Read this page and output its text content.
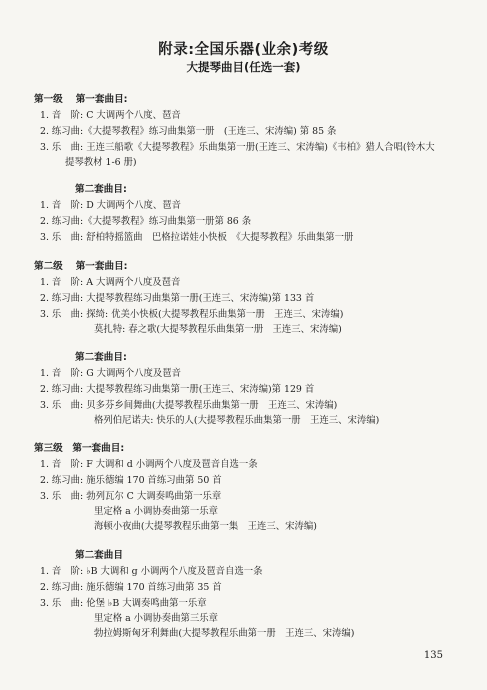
附录:全国乐器(业余)考级
大提琴曲目(任选一套)
第一级　 第一套曲目:
1. 音　阶: C 大调两个八度、琶音
2. 练习曲:《大提琴教程》练习曲集第一册　(王连三、宋涛编) 第 85 条
3. 乐　曲: 王连三船歌《大提琴教程》乐曲集第一册(王连三、宋涛编)《韦柏》猎人合唱(铃木大
提琴教材 1-6 册)
第二套曲目:
1. 音　阶: D 大调两个八度、琶音
2. 练习曲:《大提琴教程》练习曲集第一册第 86 条
3. 乐　曲: 舒柏特摇篮曲　巴格拉诺娃小快板　《大提琴教程》乐曲集第一册
第二级　 第一套曲目:
1. 音　阶: A 大调两个八度及琶音
2. 练习曲: 大提琴教程练习曲集第一册(王连三、宋涛编)第 133 首
3. 乐　曲: 探绮: 优美小快板(大提琴教程乐曲集第一册　王连三、宋涛编)
莫扎特: 春之歌(大提琴教程乐曲集第一册　王连三、宋涛编)
第二套曲目:
1. 音　阶: G 大调两个八度及琶音
2. 练习曲: 大提琴教程练习曲集第一册(王连三、宋涛编)第 129 首
3. 乐　曲: 贝多芬乡间舞曲(大提琴教程乐曲集第一册　王连三、宋涛编)
格列伯尼诺夫: 快乐的人(大提琴教程乐曲集第一册　王连三、宋涛编)
第三级　第一套曲目:
1. 音　阶: F 大调和 d 小调两个八度及琶音自选一条
2. 练习曲: 施乐德编 170 首练习曲第 50 首
3. 乐　曲: 勃列瓦尔 C 大调奏鸣曲第一乐章
里定格 a 小调协奏曲第一乐章
海顿小夜曲(大提琴教程乐曲第一集　王连三、宋涛编)
第二套曲目
1. 音　阶: ♭B 大调和 g 小调两个八度及琶音自选一条
2. 练习曲: 施乐德编 170 首练习曲第 35 首
3. 乐　曲: 伦堡 ♭B 大调奏鸣曲第一乐章
里定格 a 小调协奏曲第三乐章
勃拉姆斯匈牙利舞曲(大提琴教程乐曲第一册　王连三、宋涛编)
135
